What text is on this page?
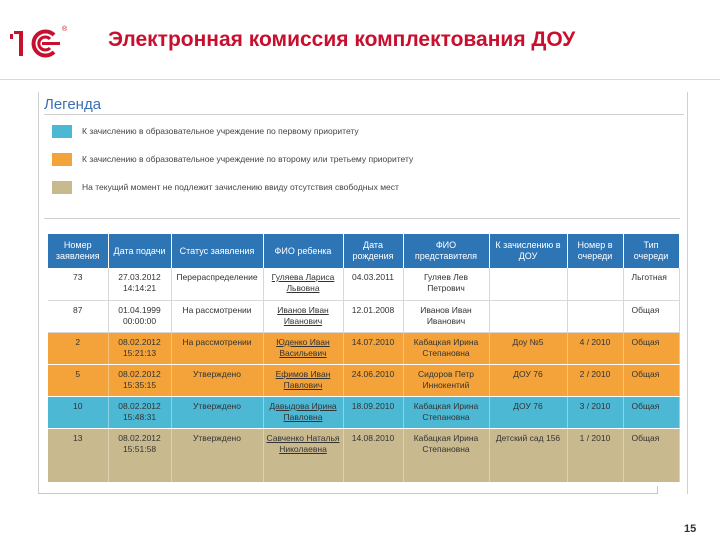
® Электронная комиссия комплектования ДОУ
Легенда
К зачислению в образовательное учреждение по первому приоритету
К зачислению в образовательное учреждение по второму или третьему приоритету
На текущий момент не подлежит зачислению ввиду отсутствия свободных мест
Номер заявления	Дата подачи	Статус заявления	ФИО ребенка	Дата рождения	ФИО представителя	К зачислению в ДОУ	Номер в очереди	Тип очереди
73	27.03.2012 14:14:21	Перераспределение	Гуляева Лариса Львовна	04.03.2011	Гуляев Лев Петрович			Льготная
87	01.04.1999 00:00:00	На рассмотрении	Иванов Иван Иванович	12.01.2008	Иванов Иван Иванович			Общая
2	08.02.2012 15:21:13	На рассмотрении	Юденко Иван Васильевич	14.07.2010	Кабацкая Ирина Степановна	Доу №5	4 / 2010	Общая
5	08.02.2012 15:35:15	Утверждено	Ефимов Иван Павлович	24.06.2010	Сидоров Петр Иннокентий	ДОУ 76	2 / 2010	Общая
10	08.02.2012 15:48:31	Утверждено	Давыдова Ирина Павловна	18.09.2010	Кабацкая Ирина Степановна	ДОУ 76	3 / 2010	Общая
13	08.02.2012 15:51:58	Утверждено	Савченко Наталья Николаевна	14.08.2010	Кабацкая Ирина Степановна	Детский сад 156	1 / 2010	Общая
15
